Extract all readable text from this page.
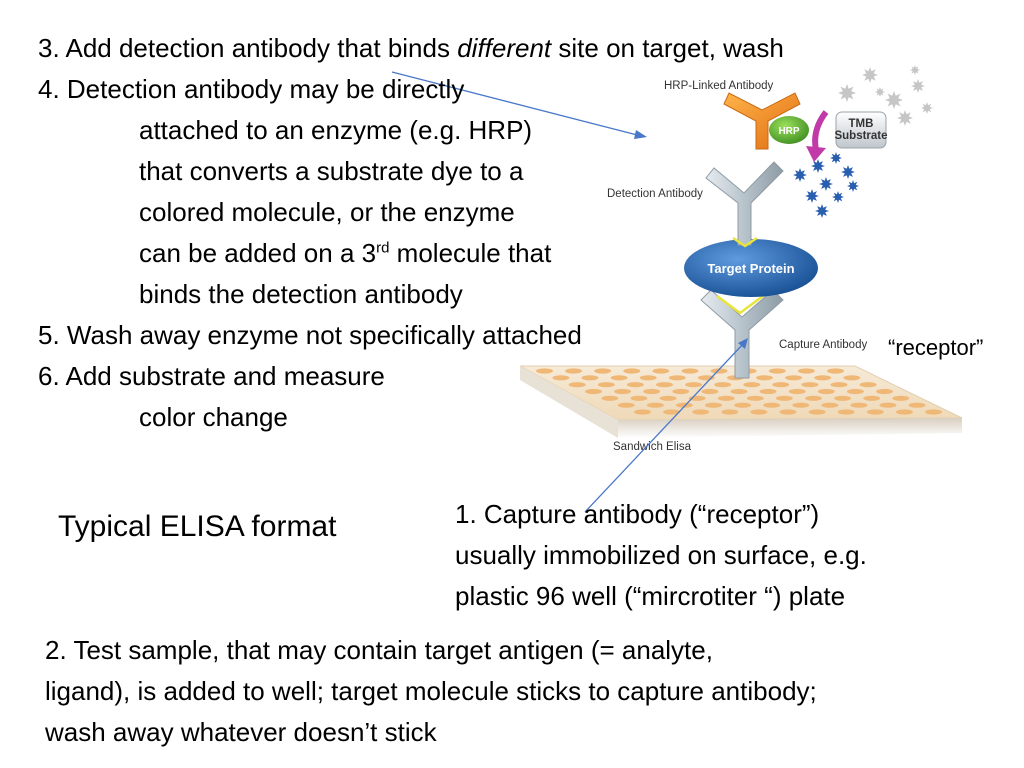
Target Protein
HRP
TMB
Substrate
HRP-Linked Antibody
Detection Antibody
Capture Antibody
Sandwich Elisa
3. Add detection antibody that binds different site on target, wash
4. Detection antibody may be directly
attached to an enzyme (e.g. HRP)
that converts a substrate dye to a
colored molecule, or the enzyme
can be added on a 3rd molecule that
binds the detection antibody
5. Wash away enzyme not specifically attached
6. Add substrate and measure
color change
“receptor”
Typical ELISA format	1. Capture antibody (“receptor”)
usually immobilized on surface, e.g.
plastic 96 well (“mircrotiter “) plate
2. Test sample, that may contain target antigen (= analyte,
ligand), is added to well; target molecule sticks to capture antibody;
wash away whatever doesn’t stick
